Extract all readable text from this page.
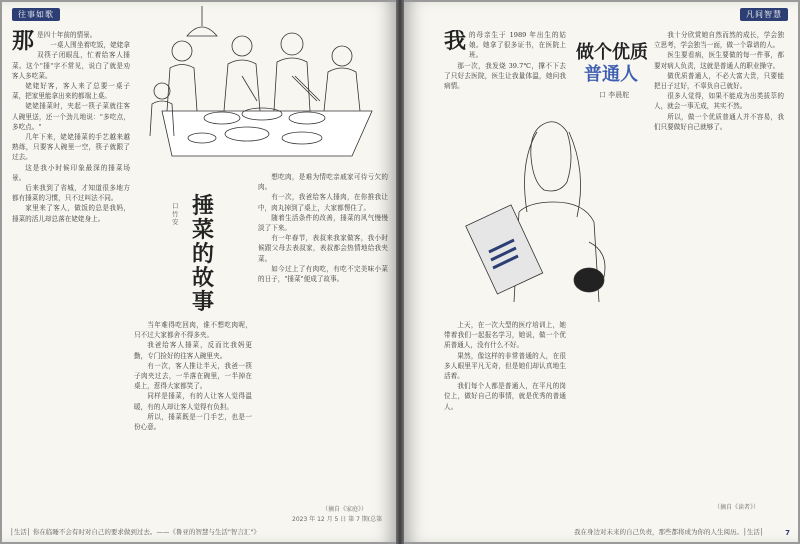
往事如歌
那 是四十年前的情景。

一桌人围坐着吃饭，姥姥拿双筷子闭眼乱，忙着给客人捶菜。这个"捶"字不常见，说白了就是劝客人多吃菜。

姥姥好客，客人来了总要一桌子菜，把家里能拿出来的都端上桌。

姥姥捶菜时，夹起一筷子菜就往客人碗里送，还一个劲儿地说："多吃点，多吃点。"

几年下来，姥姥捶菜的手艺越来越熟练，只要客人碗里一空，筷子就跟了过去。

这是我小时候印象最深的捶菜场景。

后来我到了省城，才知道很多地方都有捶菜的习惯，只不过叫法不同。

家里来了客人，做饭的总是我妈，捶菜的活儿却总落在姥姥身上。	捶
菜
的
故
事
口 竹安

当年难得吃回肉，谁不想吃肉呢，只不过大家都舍不得多夹。

我爸给客人捶菜，反而比我妈更勤，专门捡好的往客人碗里夹。

有一次，客人推让半天，我爸一筷子肉夹过去，一半落在碗里，一半掉在桌上，惹得大家都笑了。

同样是捶菜，有的人让客人觉得温暖，有的人却让客人觉得有负担。

所以，捶菜既是一门手艺，也是一份心意。

想吃肉，是难为情吃亲戚家可待亏欠的肉。

有一次，我爸给客人捶肉，在你推我让中，肉丸掉到了桌上，大家都愣住了。

随着生活条件的改善，捶菜的风气慢慢淡了下来。

有一年春节，表叔来我家做客，我小时候跟父母去表叔家，表叔都会热情地给我夹菜。

如今过上了有肉吃，有吃不完美味小菜的日子，"捶菜"便成了故事。

（摘自《家庭》）
│生活│ 你在临睡不会有时对自己的要求做到过去。——《鲁亚的智慧与生活"智言汇"》
2023 年 12 月 5 日 第 7 期(总第
凡间智慧
我 的母亲生于 1989 年出生的姑娘。她拿了很多证书，在医院上班。

那一次，我发烧 39.7℃，撑不下去了只好去医院，医生让我量体温，她问我病情。

做个优质
普通人
口 李晨舵

上天，在一次大型的医疗培训上，她带着我们一起报名学习，她说，做一个优质普通人，没有什么不好。

果然，像这样的非常普通的人，在很多人眼里平凡无奇，但是她们却认真地生活着。

我们每个人都是普通人，在平凡的岗位上，做好自己的事情，就是优秀的普通人。

我十分欣赏她自然而然的成长，学会独立思考，学会独当一面，做一个靠谱的人。

医生要看病，医生要做的每一件事，都要对病人负责，这就是普通人的职业操守。

做优质普通人，不必大富大贵，只要能把日子过好，不辜负自己就好。

很多人觉得，如果不能成为出类拔萃的人，就会一事无成，其实不然。

所以，做一个优质普通人并不容易，我们只要做好自己就够了。

（摘自《读者》）
我在身边对未来的自己负责，那些都将成为你的人生阅历。│生活│	7
